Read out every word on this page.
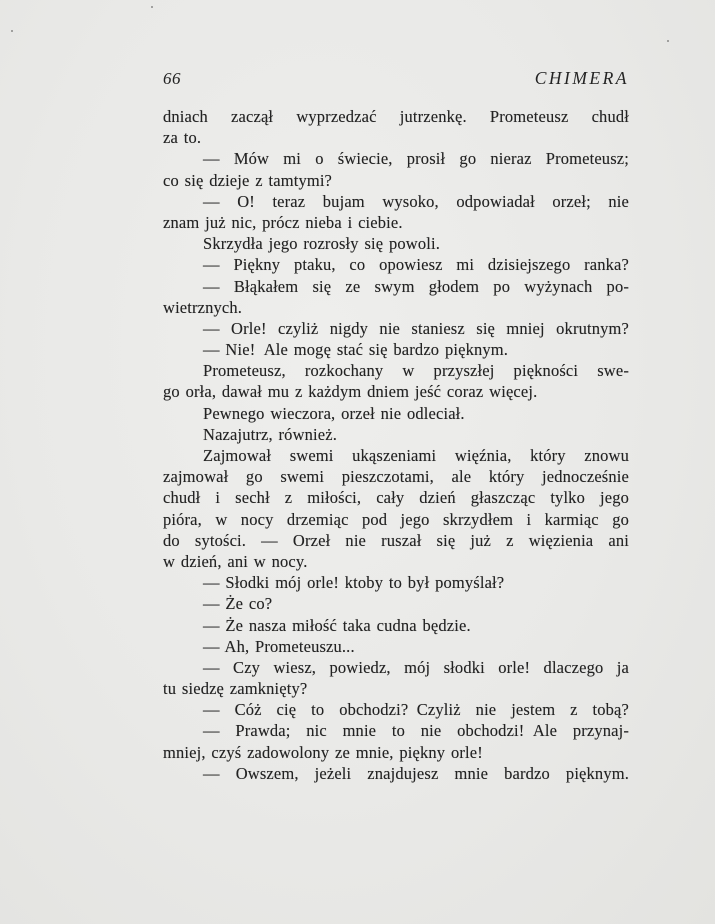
66	CHIMERA
dniach zaczął wyprzedzać jutrzenkę. Prometeusz chudł
za to.
— Mów mi o świecie, prosił go nieraz Prometeusz;
co się dzieje z tamtymi?
— O! teraz bujam wysoko, odpowiadał orzeł; nie
znam już nic, prócz nieba i ciebie.
Skrzydła jego rozrosły się powoli.
— Piękny ptaku, co opowiesz mi dzisiejszego ranka?
— Błąkałem się ze swym głodem po wyżynach po-
wietrznych.
— Orle! czyliż nigdy nie staniesz się mniej okrutnym?
— Nie! Ale mogę stać się bardzo pięknym.
Prometeusz, rozkochany w przyszłej piękności swe-
go orła, dawał mu z każdym dniem jeść coraz więcej.
Pewnego wieczora, orzeł nie odleciał.
Nazajutrz, również.
Zajmował swemi ukąszeniami więźnia, który znowu
zajmował go swemi pieszczotami, ale który jednocześnie
chudł i sechł z miłości, cały dzień głaszcząc tylko jego
pióra, w nocy drzemiąc pod jego skrzydłem i karmiąc go
do sytości. — Orzeł nie ruszał się już z więzienia ani
w dzień, ani w nocy.
— Słodki mój orle! ktoby to był pomyślał?
— Że co?
— Że nasza miłość taka cudna będzie.
— Ah, Prometeuszu...
— Czy wiesz, powiedz, mój słodki orle! dlaczego ja
tu siedzę zamknięty?
— Cóż cię to obchodzi? Czyliż nie jestem z tobą?
— Prawda; nic mnie to nie obchodzi! Ale przynaj-
mniej, czyś zadowolony ze mnie, piękny orle!
— Owszem, jeżeli znajdujesz mnie bardzo pięknym.
